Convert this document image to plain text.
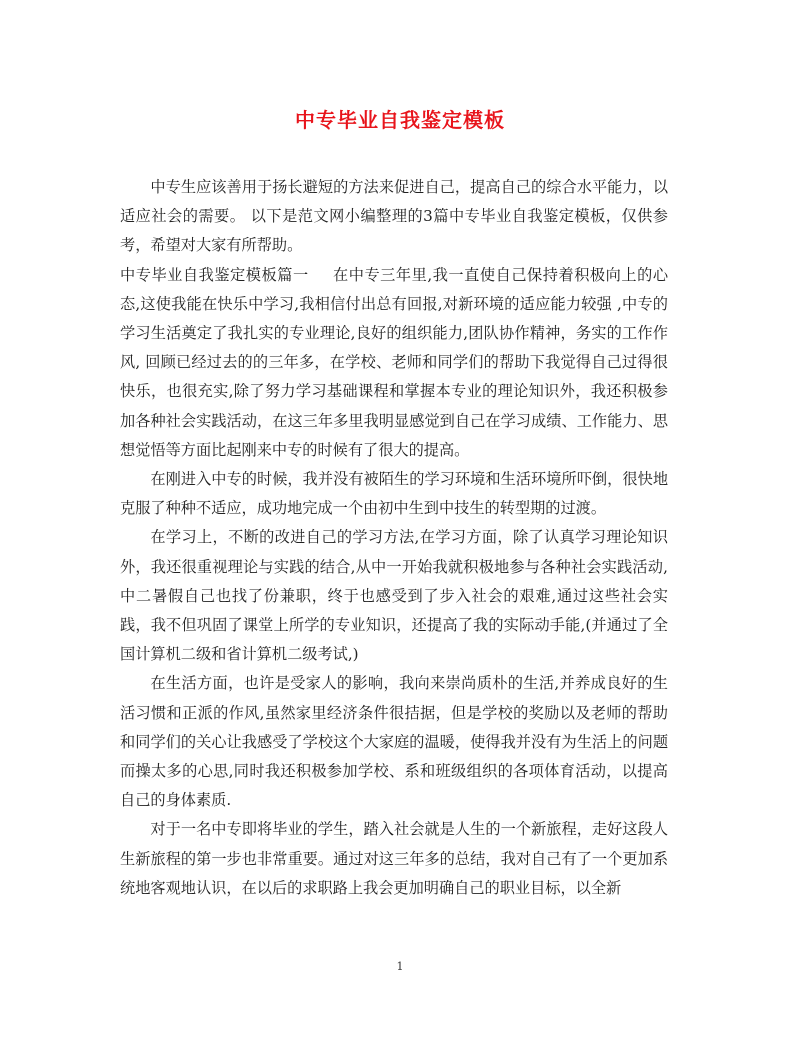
中专毕业自我鉴定模板

中专生应该善用于扬长避短的方法来促进自己，提高自己的综合水平能力，以适应社会的需要。 以下是范文网小编整理的3篇中专毕业自我鉴定模板，仅供参考，希望对大家有所帮助。

中专毕业自我鉴定模板篇一 在中专三年里,我一直使自己保持着积极向上的心态,这使我能在快乐中学习,我相信付出总有回报,对新环境的适应能力较强 ,中专的学习生活奠定了我扎实的专业理论,良好的组织能力,团队协作精神，务实的工作作风, 回顾已经过去的的三年多，在学校、老师和同学们的帮助下我觉得自己过得很快乐，也很充实,除了努力学习基础课程和掌握本专业的理论知识外，我还积极参加各种社会实践活动，在这三年多里我明显感觉到自己在学习成绩、工作能力、思想觉悟等方面比起刚来中专的时候有了很大的提高。

在刚进入中专的时候，我并没有被陌生的学习环境和生活环境所吓倒，很快地克服了种种不适应，成功地完成一个由初中生到中技生的转型期的过渡。

在学习上，不断的改进自己的学习方法,在学习方面，除了认真学习理论知识外，我还很重视理论与实践的结合,从中一开始我就积极地参与各种社会实践活动,中二暑假自己也找了份兼职，终于也感受到了步入社会的艰难,通过这些社会实践，我不但巩固了课堂上所学的专业知识，还提高了我的实际动手能,(并通过了全国计算机二级和省计算机二级考试,)

在生活方面，也许是受家人的影响，我向来崇尚质朴的生活,并养成良好的生活习惯和正派的作风,虽然家里经济条件很拮据，但是学校的奖励以及老师的帮助和同学们的关心让我感受了学校这个大家庭的温暖，使得我并没有为生活上的问题而操太多的心思,同时我还积极参加学校、系和班级组织的各项体育活动，以提高自己的身体素质.

对于一名中专即将毕业的学生，踏入社会就是人生的一个新旅程，走好这段人生新旅程的第一步也非常重要。通过对这三年多的总结，我对自己有了一个更加系统地客观地认识，在以后的求职路上我会更加明确自己的职业目标，以全新

1
